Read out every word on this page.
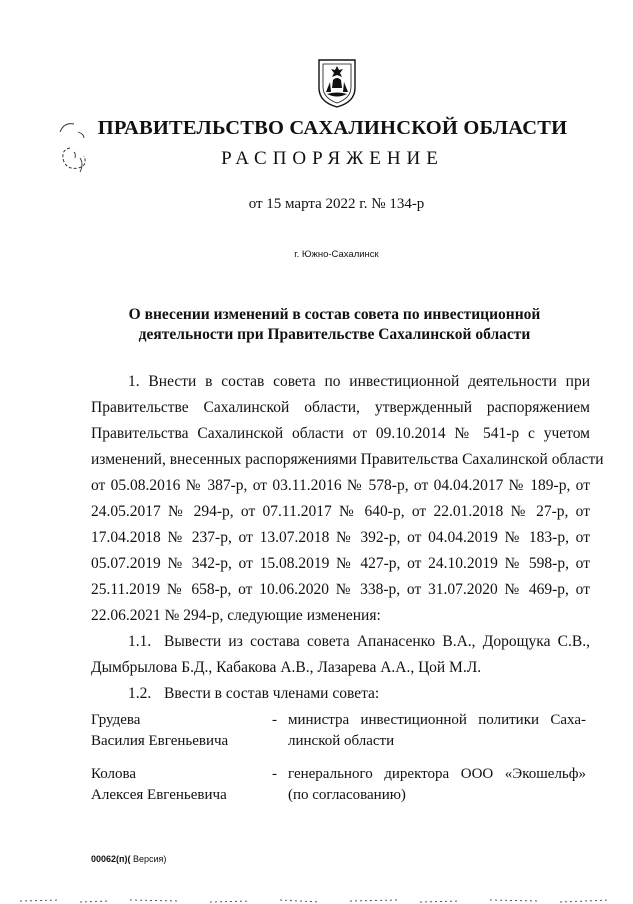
ПРАВИТЕЛЬСТВО САХАЛИНСКОЙ ОБЛАСТИ
РАСПОРЯЖЕНИЕ
от 15 марта 2022 г. № 134-р
г. Южно-Сахалинск
О внесении изменений в состав совета по инвестиционной
деятельности при Правительстве Сахалинской области
1. Внести в состав совета по инвестиционной деятельности при
Правительстве Сахалинской области, утвержденный распоряжением
Правительства Сахалинской области от 09.10.2014 № 541-р с учетом
изменений, внесенных распоряжениями Правительства Сахалинской области
от 05.08.2016 № 387-р, от 03.11.2016 № 578-р, от 04.04.2017 № 189-р, от
24.05.2017 № 294-р, от 07.11.2017 № 640-р, от 22.01.2018 № 27-р, от
17.04.2018 № 237-р, от 13.07.2018 № 392-р, от 04.04.2019 № 183-р, от
05.07.2019 № 342-р, от 15.08.2019 № 427-р, от 24.10.2019 № 598-р, от
25.11.2019 № 658-р, от 10.06.2020 № 338-р, от 31.07.2020 № 469-р, от
22.06.2021 № 294-р, следующие изменения:
1.1. Вывести из состава совета Апанасенко В.А., Дорощука С.В.,
Дымбрылова Б.Д., Кабакова А.В., Лазарева А.А., Цой М.Л.
1.2. Ввести в состав членами совета:
Грудева
Василия Евгеньевича
- министра инвестиционной политики Саха-
линской области
Колова
Алексея Евгеньевича
- генерального директора ООО «Экошельф»
(по согласованию)
00062(п)( Версия)
